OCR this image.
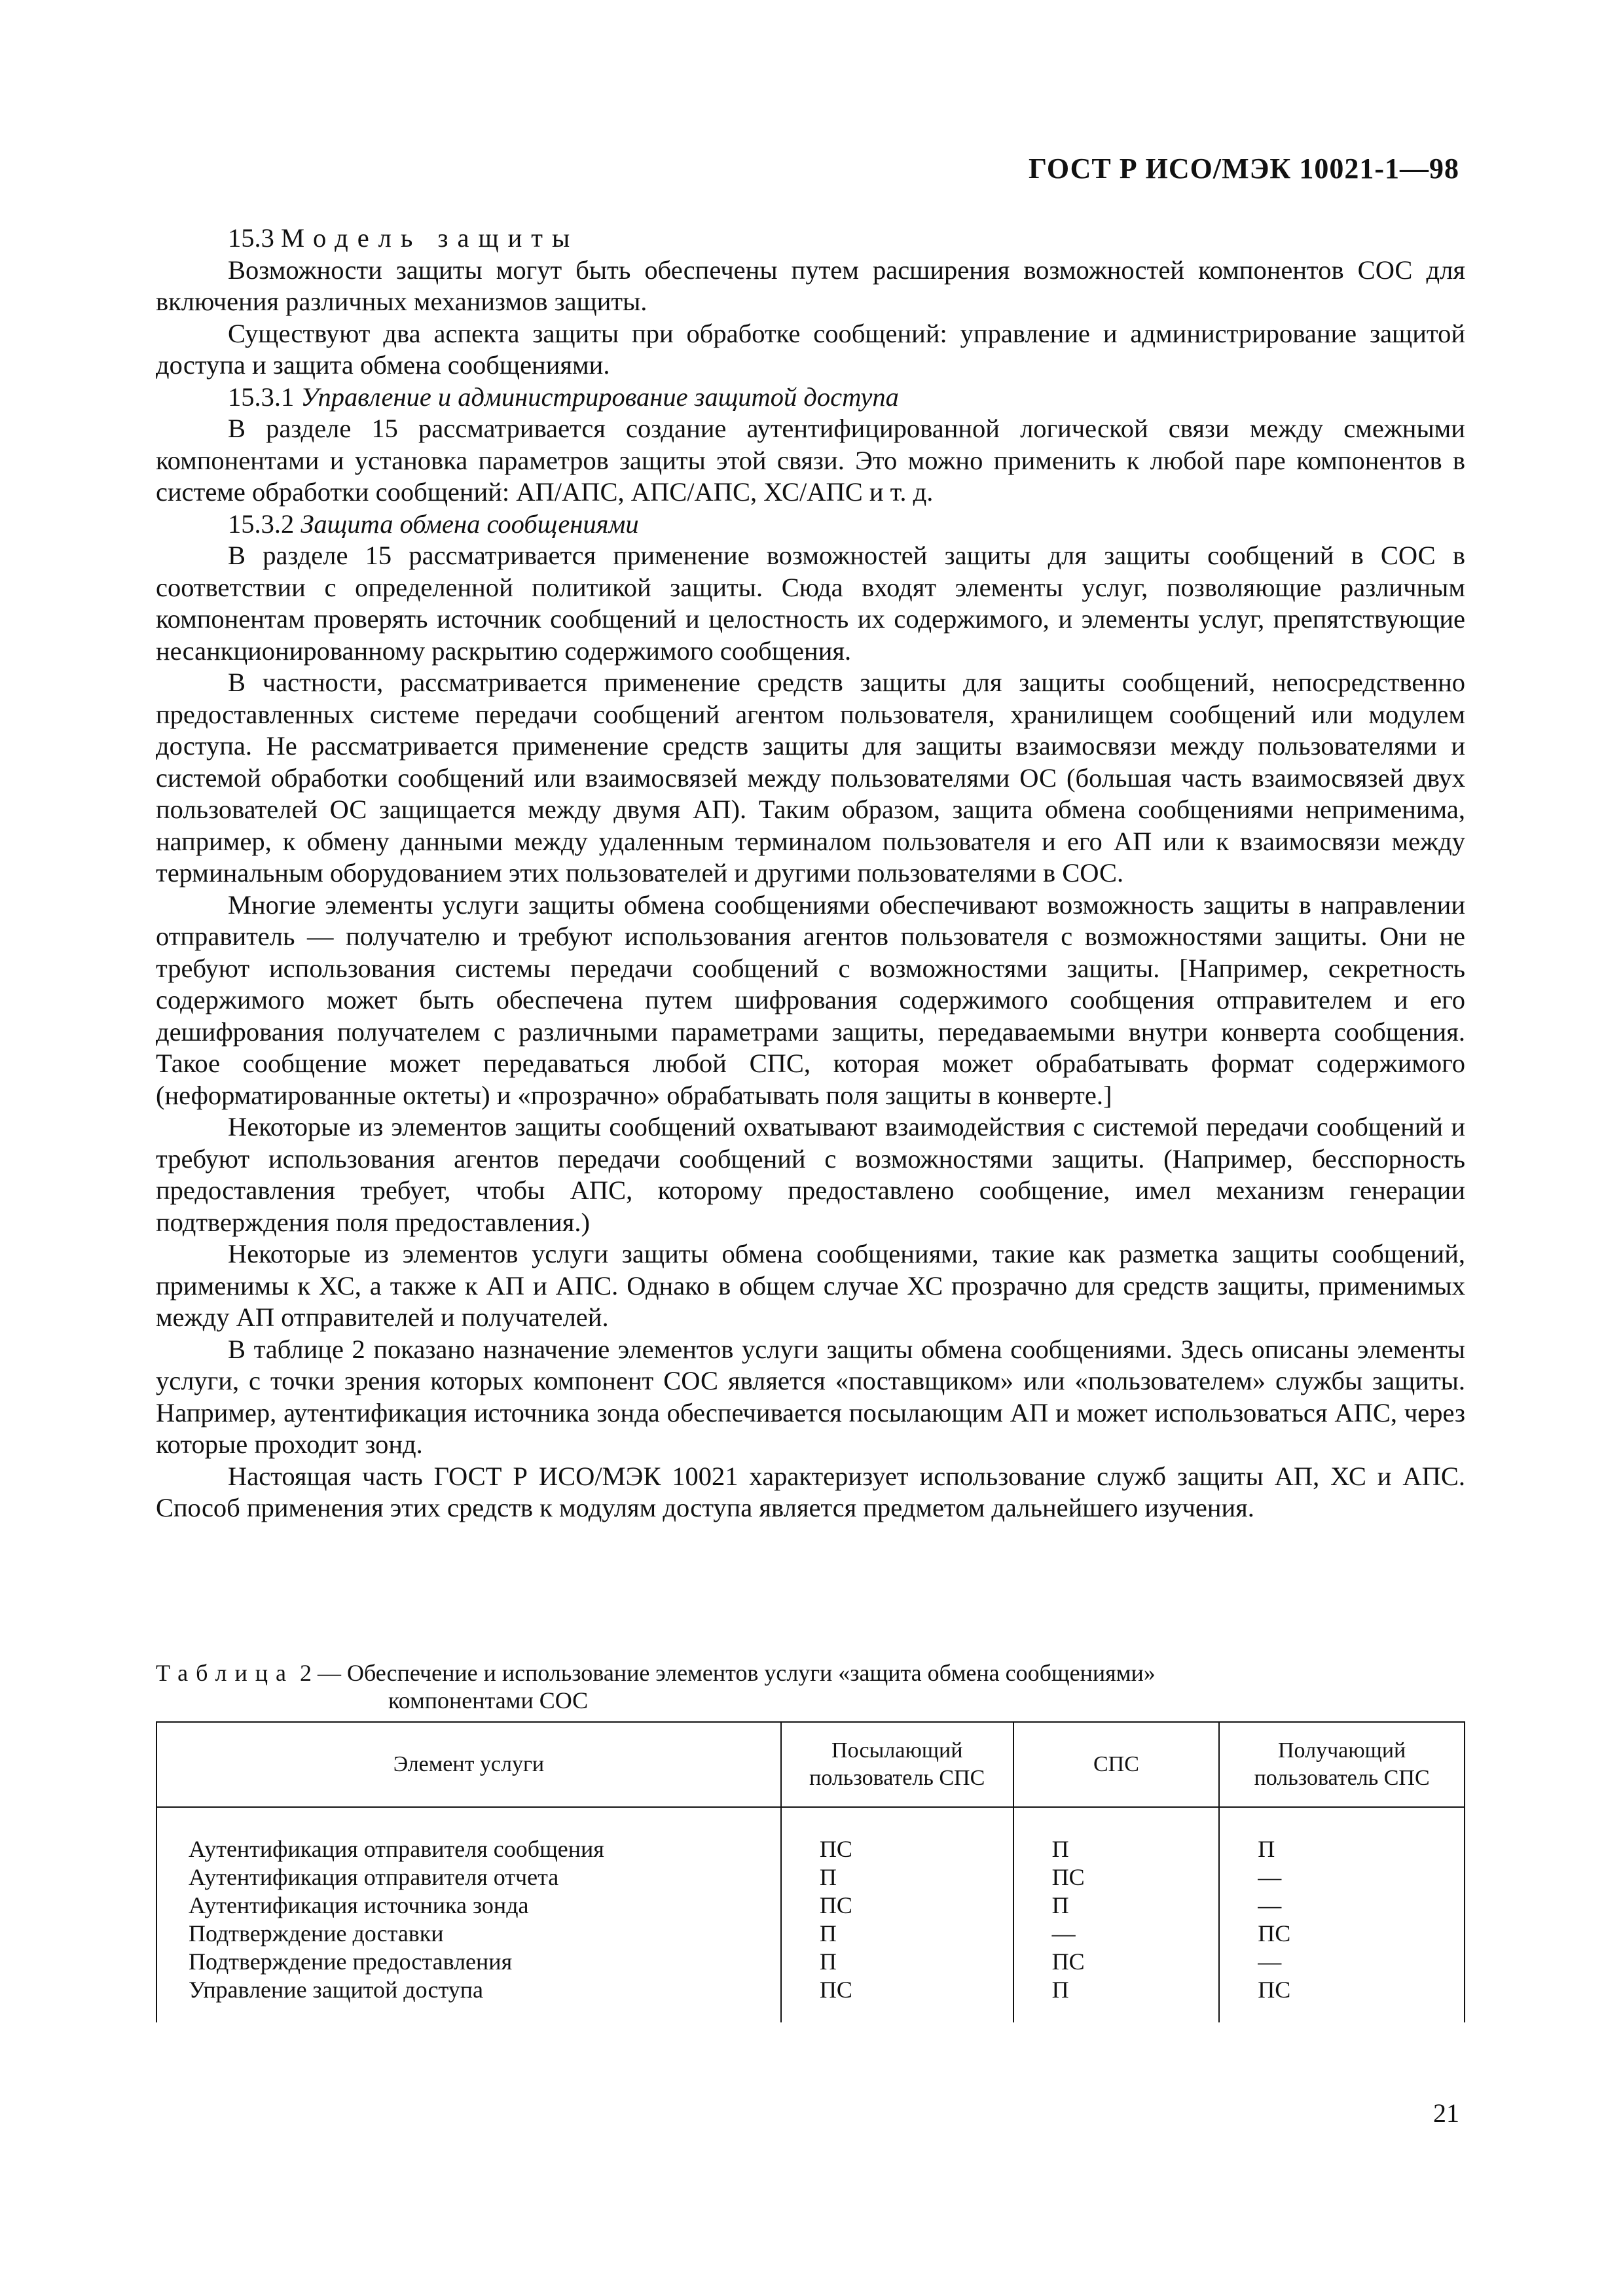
ГОСТ Р ИСО/МЭК 10021-1—98

15.3 Модель защиты

Возможности защиты могут быть обеспечены путем расширения возможностей компонентов СОС для включения различных механизмов защиты.

Существуют два аспекта защиты при обработке сообщений: управление и администрирование защитой доступа и защита обмена сообщениями.

15.3.1 Управление и администрирование защитой доступа

В разделе 15 рассматривается создание аутентифицированной логической связи между смежными компонентами и установка параметров защиты этой связи. Это можно применить к любой паре компонентов в системе обработки сообщений: АП/АПС, АПС/АПС, ХС/АПС и т. д.

15.3.2 Защита обмена сообщениями

В разделе 15 рассматривается применение возможностей защиты для защиты сообщений в СОС в соответствии с определенной политикой защиты. Сюда входят элементы услуг, позволяющие различным компонентам проверять источник сообщений и целостность их содержимого, и элементы услуг, препятствующие несанкционированному раскрытию содержимого сообщения.

В частности, рассматривается применение средств защиты для защиты сообщений, непосредственно предоставленных системе передачи сообщений агентом пользователя, хранилищем сообщений или модулем доступа. Не рассматривается применение средств защиты для защиты взаимосвязи между пользователями и системой обработки сообщений или взаимосвязей между пользователями ОС (большая часть взаимосвязей двух пользователей ОС защищается между двумя АП). Таким образом, защита обмена сообщениями неприменима, например, к обмену данными между удаленным терминалом пользователя и его АП или к взаимосвязи между терминальным оборудованием этих пользователей и другими пользователями в СОС.

Многие элементы услуги защиты обмена сообщениями обеспечивают возможность защиты в направлении отправитель — получателю и требуют использования агентов пользователя с возможностями защиты. Они не требуют использования системы передачи сообщений с возможностями защиты. [Например, секретность содержимого может быть обеспечена путем шифрования содержимого сообщения отправителем и его дешифрования получателем с различными параметрами защиты, передаваемыми внутри конверта сообщения. Такое сообщение может передаваться любой СПС, которая может обрабатывать формат содержимого (неформатированные октеты) и «прозрачно» обрабатывать поля защиты в конверте.]

Некоторые из элементов защиты сообщений охватывают взаимодействия с системой передачи сообщений и требуют использования агентов передачи сообщений с возможностями защиты. (Например, бесспорность предоставления требует, чтобы АПС, которому предоставлено сообщение, имел механизм генерации подтверждения поля предоставления.)

Некоторые из элементов услуги защиты обмена сообщениями, такие как разметка защиты сообщений, применимы к ХС, а также к АП и АПС. Однако в общем случае ХС прозрачно для средств защиты, применимых между АП отправителей и получателей.

В таблице 2 показано назначение элементов услуги защиты обмена сообщениями. Здесь описаны элементы услуги, с точки зрения которых компонент СОС является «поставщиком» или «пользователем» службы защиты. Например, аутентификация источника зонда обеспечивается посылающим АП и может использоваться АПС, через которые проходит зонд.

Настоящая часть ГОСТ Р ИСО/МЭК 10021 характеризует использование служб защиты АП, ХС и АПС. Способ применения этих средств к модулям доступа является предметом дальнейшего изучения.

Таблица 2 — Обеспечение и использование элементов услуги «защита обмена сообщениями»
компонентами СОС
Элемент услуги	Посылающий пользователь СПС	СПС	Получающий пользователь СПС
Аутентификация отправителя сообщения	ПС	П	П
Аутентификация отправителя отчета	П	ПС	—
Аутентификация источника зонда	ПС	П	—
Подтверждение доставки	П	—	ПС
Подтверждение предоставления	П	ПС	—
Управление защитой доступа	ПС	П	ПС
21
